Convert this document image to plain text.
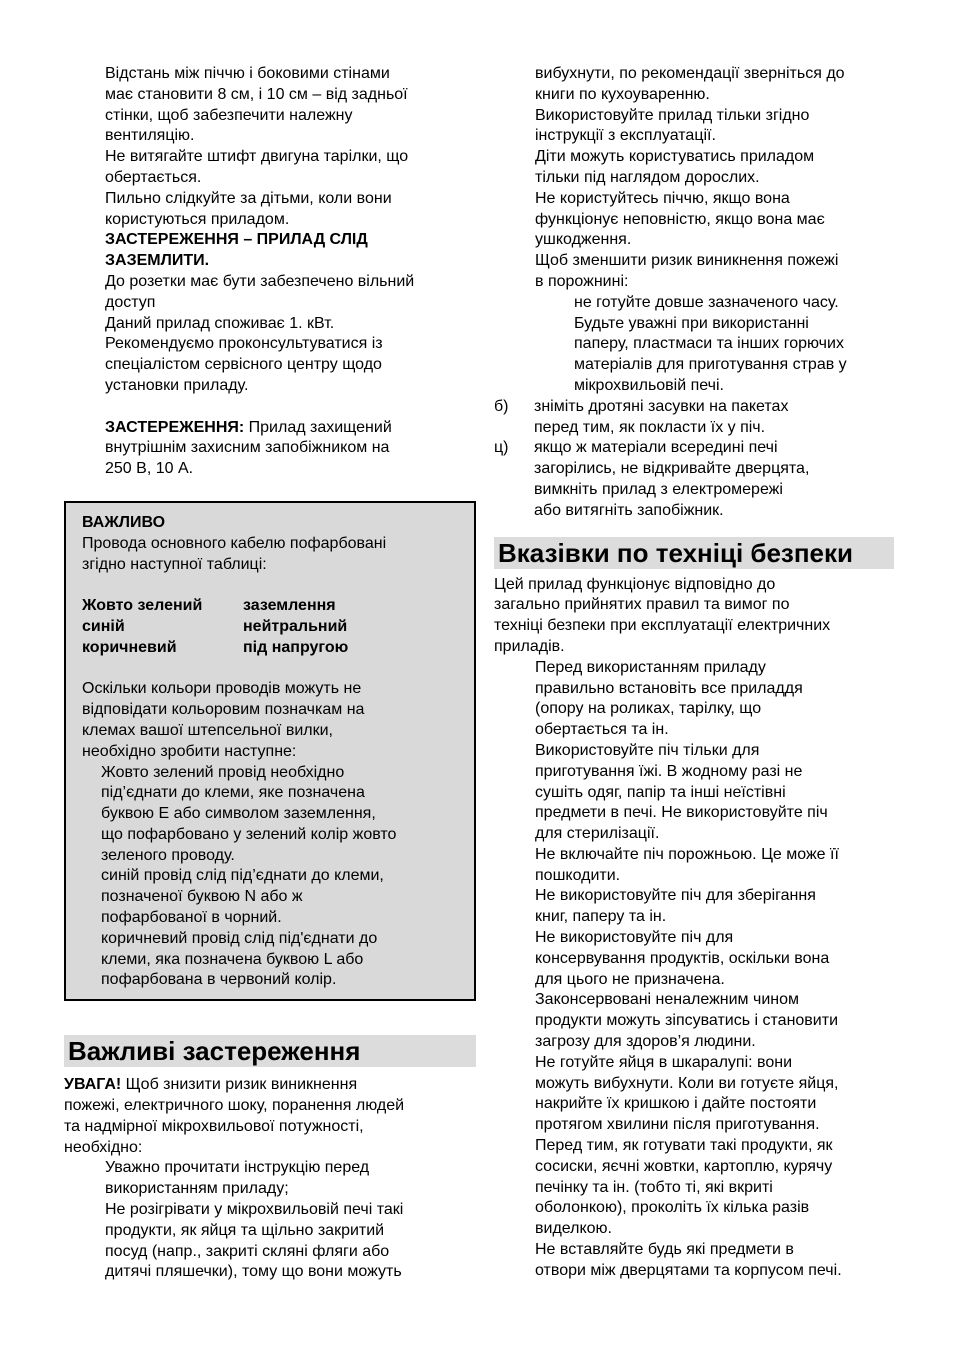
Відстань між піччю і боковими стінами

має становити 8 см, і 10 см – від задньої

стінки, щоб забезпечити належну

вентиляцію.

Не витягайте штифт двигуна тарілки, що

обертається.

Пильно слідкуйте за дітьми, коли вони

користуються приладом.

ЗАСТЕРЕЖЕННЯ – ПРИЛАД СЛІД

ЗАЗЕМЛИТИ.

До розетки має бути забезпечено вільний

доступ

Даний прилад споживає 1. кВт.

Рекомендуємо проконсультуватися із

спеціалістом сервісного центру щодо

установки приладу.

ЗАСТЕРЕЖЕННЯ: Прилад захищений

внутрішнім захисним запобіжником на

250 В, 10 А.

ВАЖЛИВО

Провода основного кабелю пофарбовані

згідно наступної таблиці:

Жовто зелений	заземлення
синій	нейтральний
коричневий	під напругою

Оскільки кольори проводів можуть не

відповідати кольоровим позначкам на

клемах вашої штепсельної вилки,

необхідно зробити наступне:

Жовто зелений провід необхідно

під’єднати до клеми, яке позначена

буквою E або символом заземлення,

що пофарбовано у зелений колір жовто

зеленого проводу.

синій провід слід під’єднати до клеми,

позначеної буквою N або ж

пофарбованої в чорний.

коричневий провід слід під'єднати до

клеми, яка позначена буквою L або

пофарбована в червоний колір.

Важливі застереження

УВАГА! Щоб знизити ризик виникнення

пожежі, електричного шоку, поранення людей

та надмірної мікрохвильової потужності,

необхідно:

Уважно прочитати інструкцію перед

використанням приладу;

Не розігрівати у мікрохвильовій печі такі

продукти, як яйця та щільно закритий

посуд (напр., закриті скляні фляги або

дитячі пляшечки), тому що вони можуть

вибухнути, по рекомендації зверніться до

книги по кухоуваренню.

Використовуйте прилад тільки згідно

інструкції з експлуатації.

Діти можуть користуватись приладом

тільки під наглядом дорослих.

Не користуйтесь піччю, якщо вона

функціонує неповністю, якщо вона має

ушкодження.

Щоб зменшити ризик виникнення пожежі

в порожнині:

не готуйте довше зазначеного часу.

Будьте уважні при використанні

паперу, пластмаси та інших горючих

матеріалів для приготування страв у

мікрохвильовій печі.

б)	зніміть дротяні засувки на пакетах

перед тим, як покласти їх у піч.

ц)	якщо ж матеріали всередині печі

загорілись, не відкривайте дверцята,

вимкніть прилад з електромережі

або витягніть запобіжник.

Вказівки по техніці безпеки

Цей прилад функціонує відповідно до

загально прийнятих правил та вимог по

техніці безпеки при експлуатації електричних

приладів.

Перед використанням приладу

правильно встановіть все приладдя

(опору на роликах, тарілку, що

обертається та ін.

Використовуйте піч тільки для

приготування їжі. В жодному разі не

сушіть одяг, папір та інші неїстівні

предмети в печі. Не використовуйте піч

для стерилізації.

Не включайте піч порожньою. Це може її

пошкодити.

Не використовуйте піч для зберігання

книг, паперу та ін.

Не використовуйте піч для

консервування продуктів, оскільки вона

для цього не призначена.

Законсервовані неналежним чином

продукти можуть зіпсуватись і становити

загрозу для здоров’я людини.

Не готуйте яйця в шкаралупі: вони

можуть вибухнути. Коли ви готуєте яйця,

накрийте їх кришкою і дайте постояти

протягом хвилини після приготування.

Перед тим, як готувати такі продукти, як

сосиски, яєчні жовтки, картоплю, курячу

печінку та ін. (тобто ті, які вкриті

оболонкою), проколіть їх кілька разів

виделкою.

Не вставляйте будь які предмети в

отвори між дверцятами та корпусом печі.
